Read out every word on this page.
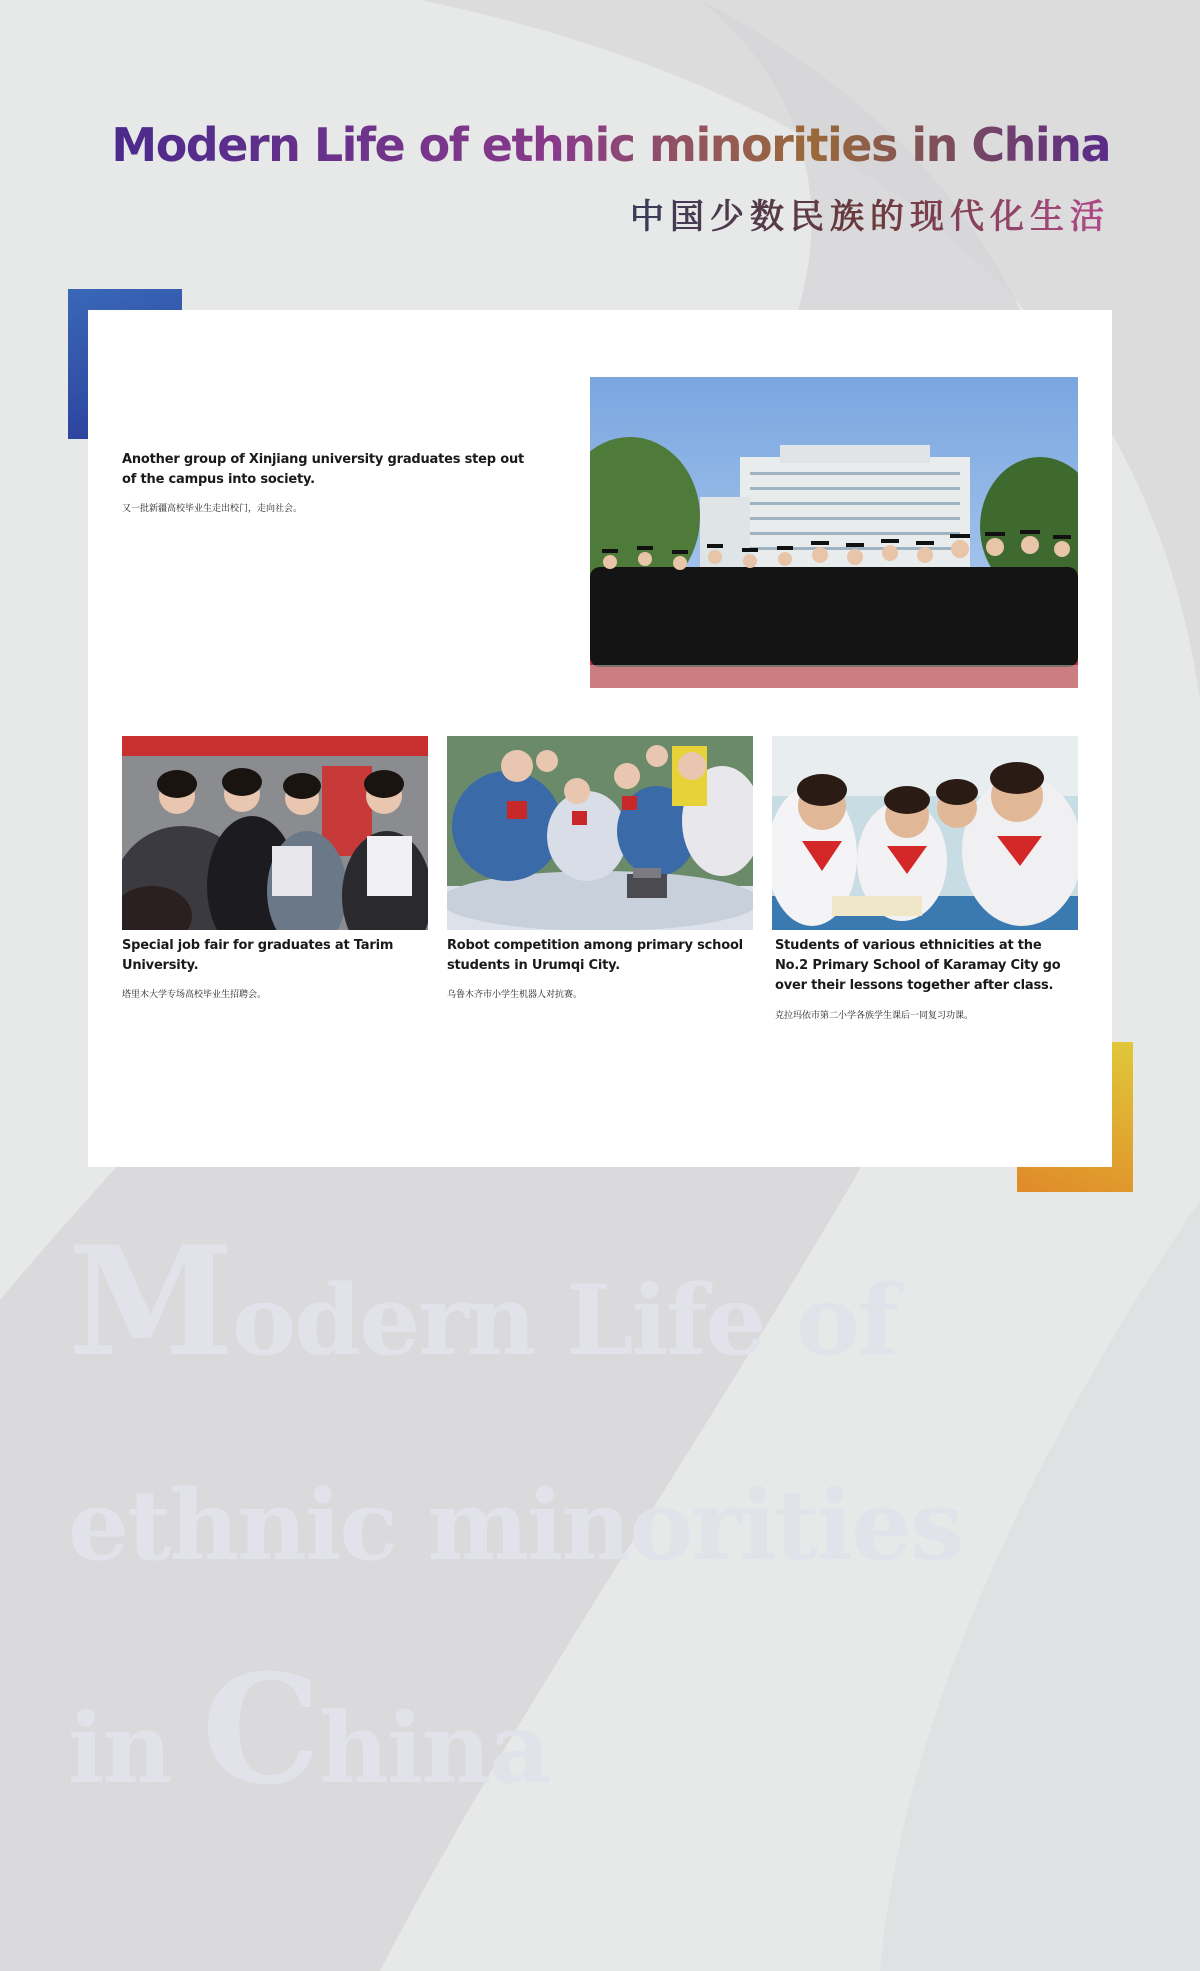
Modern Life of ethnic minorities in China
中国少数民族的现代化生活
Another group of Xinjiang university graduates step out of the campus into society.
又一批新疆高校毕业生走出校门，走向社会。
Special job fair for graduates at Tarim University.
塔里木大学专场高校毕业生招聘会。
Robot competition among primary school students in Urumqi City.
乌鲁木齐市小学生机器人对抗赛。
Students of various ethnicities at the No.2 Primary School of Karamay City go over their lessons together after class.
克拉玛依市第二小学各族学生课后一同复习功课。
Modern Life of
ethnic minorities
in China
